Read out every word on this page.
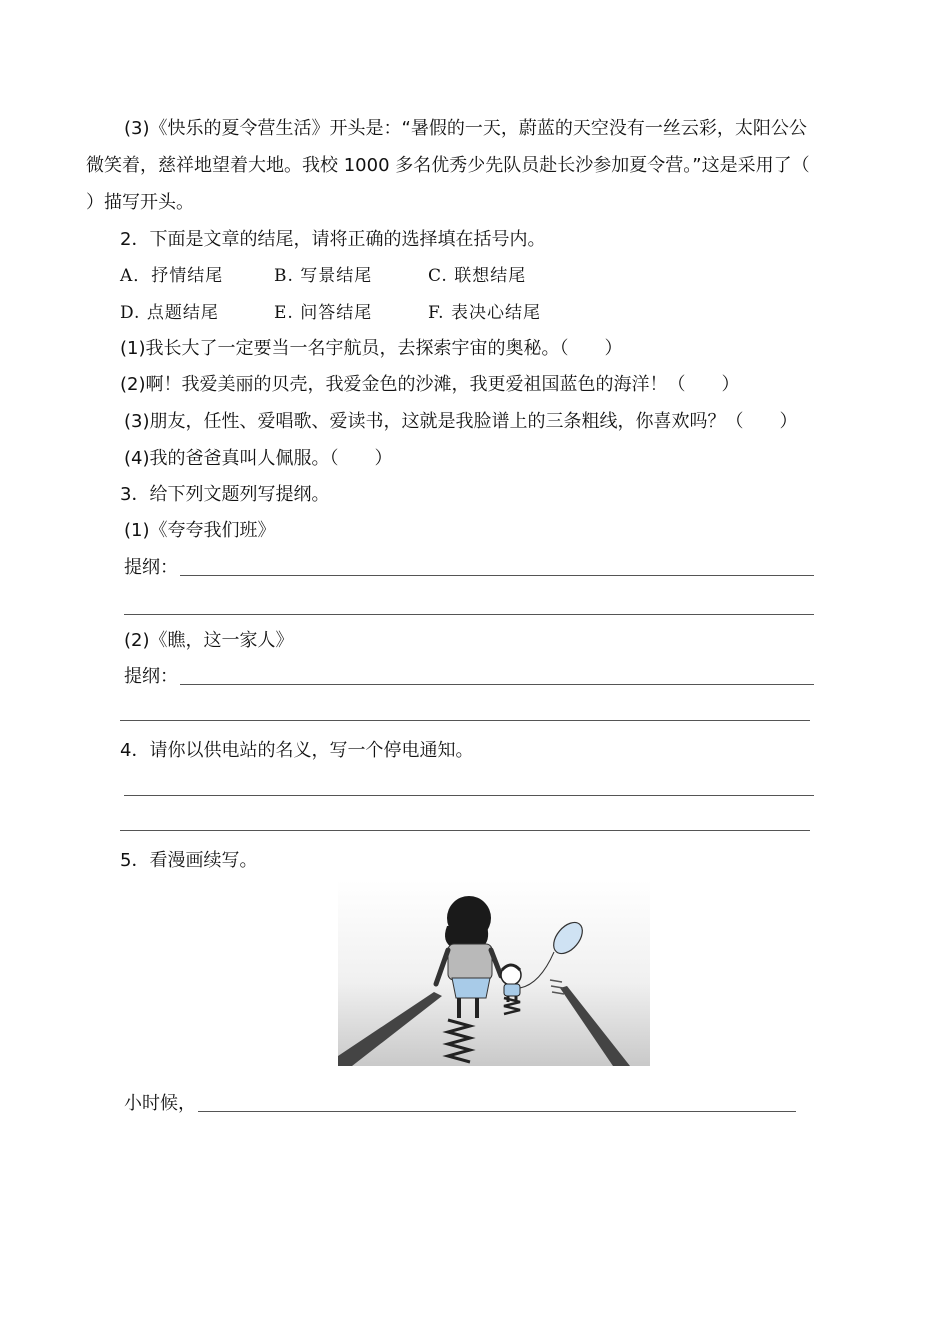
(3)《快乐的夏令营生活》开头是：“暑假的一天，蔚蓝的天空没有一丝云彩，太阳公公
微笑着，慈祥地望着大地。我校 1000 多名优秀少先队员赴长沙参加夏令营。”这是采用了（
）描写开头。
2．下面是文章的结尾，请将正确的选择填在括号内。
A．抒情结尾	B. 写景结尾	C. 联想结尾
D. 点题结尾	E. 问答结尾	F. 表决心结尾
(1)我长大了一定要当一名宇航员，去探索宇宙的奥秘。（　　）
(2)啊！我爱美丽的贝壳，我爱金色的沙滩，我更爱祖国蓝色的海洋！（　　）
(3)朋友，任性、爱唱歌、爱读书，这就是我脸谱上的三条粗线，你喜欢吗？（　　）
(4)我的爸爸真叫人佩服。（　　）
3．给下列文题列写提纲。
(1)《夸夸我们班》
提纲：
(2)《瞧，这一家人》
提纲：
4．请你以供电站的名义，写一个停电通知。
5．看漫画续写。
小时候，
